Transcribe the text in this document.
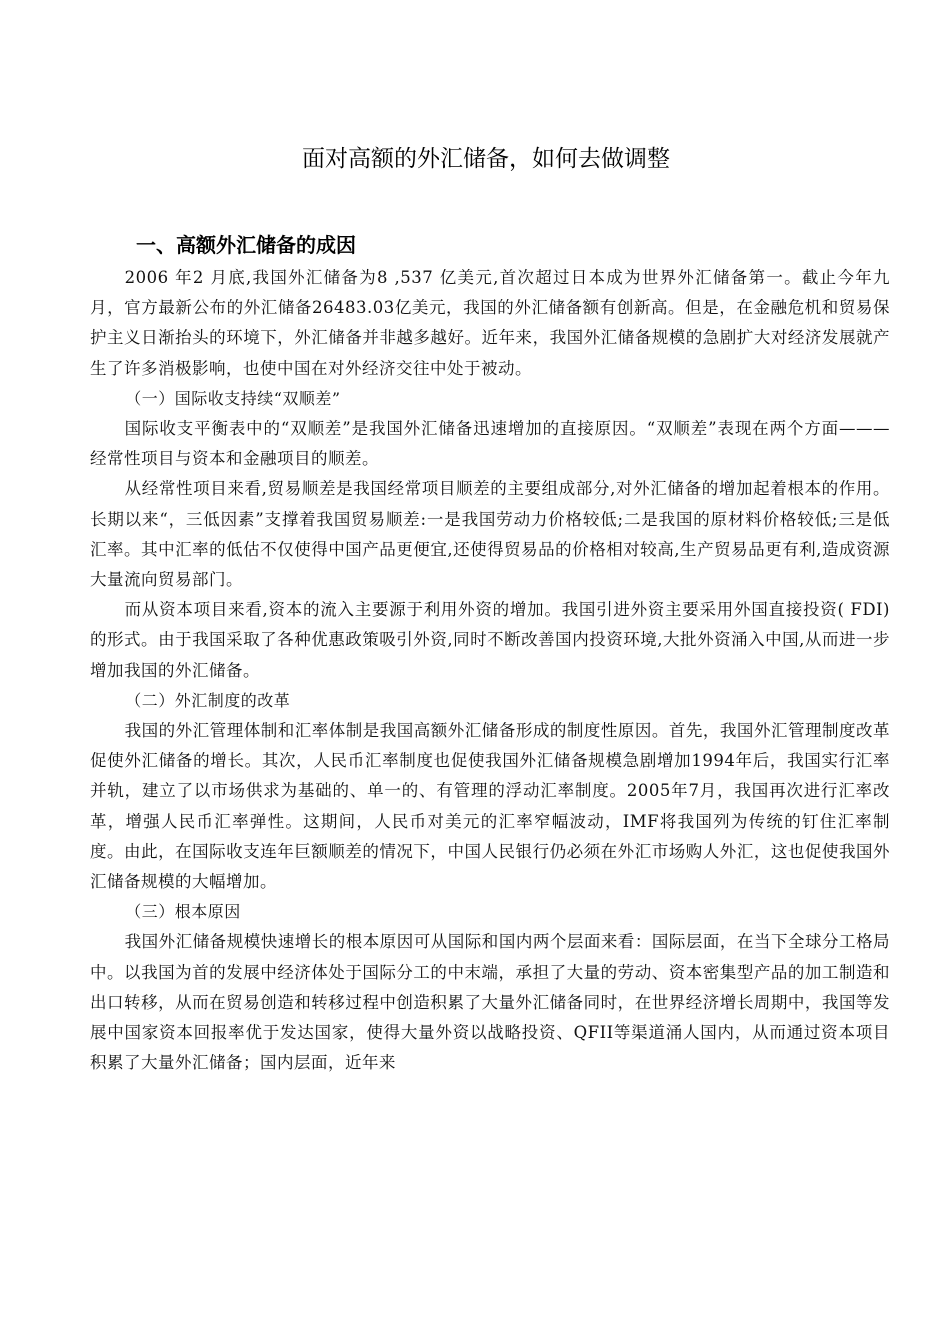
面对高额的外汇储备，如何去做调整
一、高额外汇储备的成因

2006 年2 月底,我国外汇储备为8 ,537 亿美元,首次超过日本成为世界外汇储备第一。截止今年九月，官方最新公布的外汇储备26483.03亿美元，我国的外汇储备额有创新高。但是，在金融危机和贸易保护主义日渐抬头的环境下，外汇储备并非越多越好。近年来，我国外汇储备规模的急剧扩大对经济发展就产生了许多消极影响，也使中国在对外经济交往中处于被动。

（一）国际收支持续“双顺差”

国际收支平衡表中的“双顺差”是我国外汇储备迅速增加的直接原因。“双顺差”表现在两个方面———经常性项目与资本和金融项目的顺差。

从经常性项目来看,贸易顺差是我国经常项目顺差的主要组成部分,对外汇储备的增加起着根本的作用。长期以来“，三低因素”支撑着我国贸易顺差:一是我国劳动力价格较低;二是我国的原材料价格较低;三是低汇率。其中汇率的低估不仅使得中国产品更便宜,还使得贸易品的价格相对较高,生产贸易品更有利,造成资源大量流向贸易部门。

而从资本项目来看,资本的流入主要源于利用外资的增加。我国引进外资主要采用外国直接投资( FDI) 的形式。由于我国采取了各种优惠政策吸引外资,同时不断改善国内投资环境,大批外资涌入中国,从而进一步增加我国的外汇储备。

（二）外汇制度的改革

我国的外汇管理体制和汇率体制是我国高额外汇储备形成的制度性原因。首先，我国外汇管理制度改革促使外汇储备的增长。其次，人民币汇率制度也促使我国外汇储备规模急剧增加1994年后，我国实行汇率并轨，建立了以市场供求为基础的、单一的、有管理的浮动汇率制度。2005年7月，我国再次进行汇率改革，增强人民币汇率弹性。这期间，人民币对美元的汇率窄幅波动，IMF将我国列为传统的钉住汇率制度。由此，在国际收支连年巨额顺差的情况下，中国人民银行仍必须在外汇市场购人外汇，这也促使我国外汇储备规模的大幅增加。

（三）根本原因

我国外汇储备规模快速增长的根本原因可从国际和国内两个层面来看：国际层面，在当下全球分工格局中。以我国为首的发展中经济体处于国际分工的中末端，承担了大量的劳动、资本密集型产品的加工制造和出口转移，从而在贸易创造和转移过程中创造积累了大量外汇储备同时，在世界经济增长周期中，我国等发展中国家资本回报率优于发达国家，使得大量外资以战略投资、QFII等渠道涌人国内，从而通过资本项目积累了大量外汇储备；国内层面，近年来
